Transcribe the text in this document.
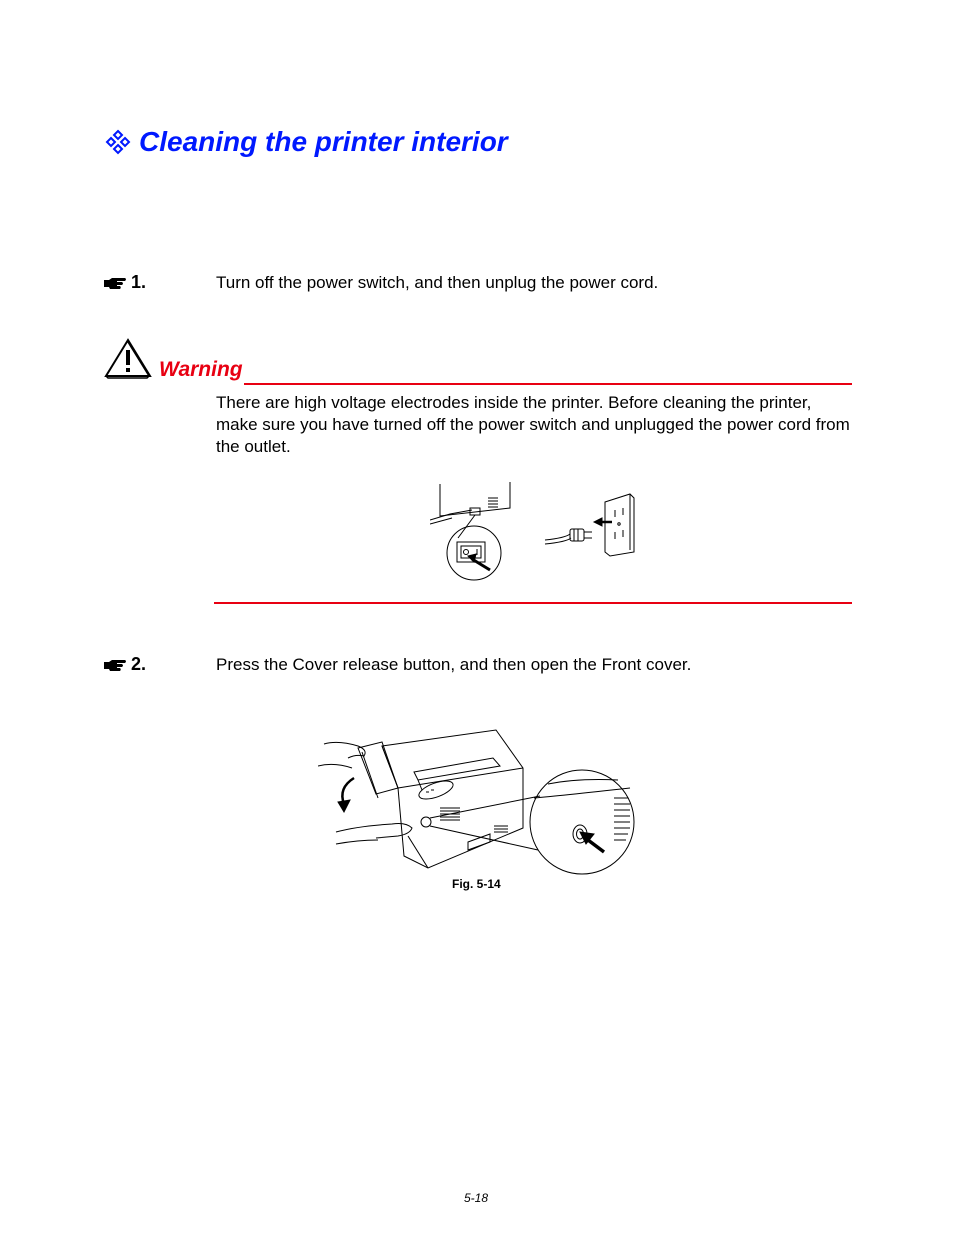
Cleaning the printer interior
1.	Turn off the power switch, and then unplug the power cord.
Warning
There are high voltage electrodes inside the printer. Before cleaning the printer, make sure you have turned off the power switch and unplugged the power cord from the outlet.
2.	Press the Cover release button, and then open the Front cover.
Fig. 5-14
5-18
